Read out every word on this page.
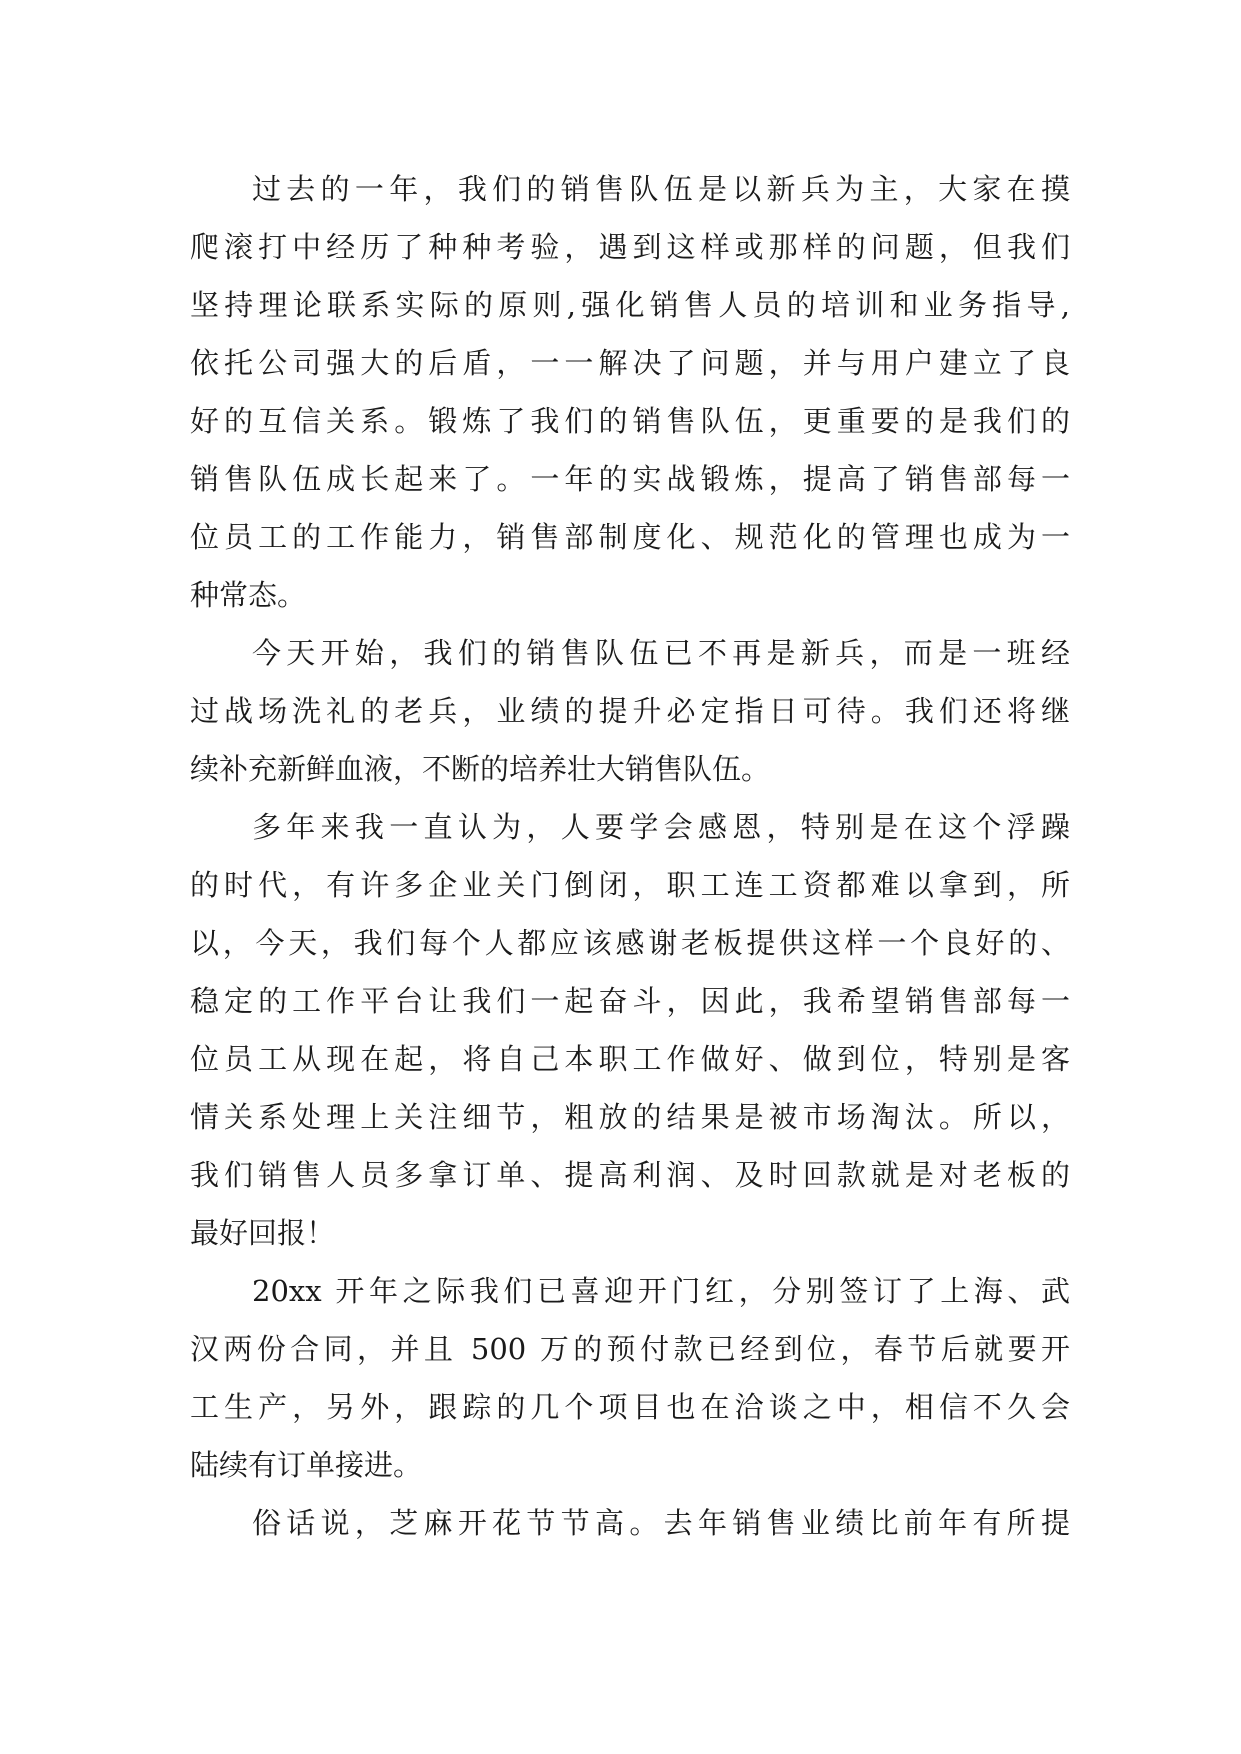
过去的一年，我们的销售队伍是以新兵为主，大家在摸
爬滚打中经历了种种考验，遇到这样或那样的问题，但我们
坚持理论联系实际的原则,强化销售人员的培训和业务指导,
依托公司强大的后盾，一一解决了问题，并与用户建立了良
好的互信关系。锻炼了我们的销售队伍，更重要的是我们的
销售队伍成长起来了。一年的实战锻炼，提高了销售部每一
位员工的工作能力，销售部制度化、规范化的管理也成为一
种常态。
今天开始，我们的销售队伍已不再是新兵，而是一班经
过战场洗礼的老兵，业绩的提升必定指日可待。我们还将继
续补充新鲜血液，不断的培养壮大销售队伍。
多年来我一直认为，人要学会感恩，特别是在这个浮躁
的时代，有许多企业关门倒闭，职工连工资都难以拿到，所
以，今天，我们每个人都应该感谢老板提供这样一个良好的、
稳定的工作平台让我们一起奋斗，因此，我希望销售部每一
位员工从现在起，将自己本职工作做好、做到位，特别是客
情关系处理上关注细节，粗放的结果是被市场淘汰。所以，
我们销售人员多拿订单、提高利润、及时回款就是对老板的
最好回报！
20xx 开年之际我们已喜迎开门红，分别签订了上海、武
汉两份合同，并且 500 万的预付款已经到位，春节后就要开
工生产，另外，跟踪的几个项目也在洽谈之中，相信不久会
陆续有订单接进。
俗话说，芝麻开花节节高。去年销售业绩比前年有所提
